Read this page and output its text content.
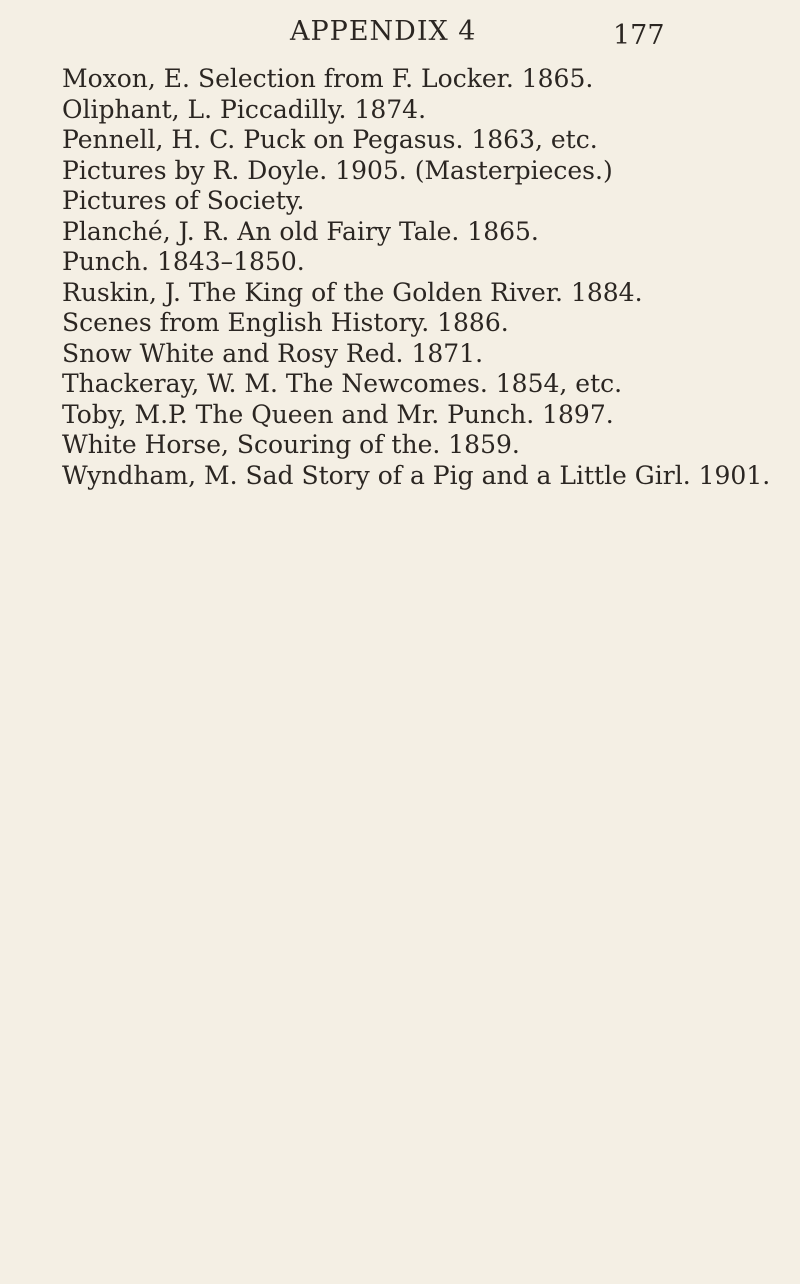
APPENDIX 4	177
Moxon, E. Selection from F. Locker. 1865.
Oliphant, L. Piccadilly. 1874.
Pennell, H. C. Puck on Pegasus. 1863, etc.
Pictures by R. Doyle. 1905. (Masterpieces.)
Pictures of Society.
Planché, J. R. An old Fairy Tale. 1865.
Punch. 1843–1850.
Ruskin, J. The King of the Golden River. 1884.
Scenes from English History. 1886.
Snow White and Rosy Red. 1871.
Thackeray, W. M. The Newcomes. 1854, etc.
Toby, M.P. The Queen and Mr. Punch. 1897.
White Horse, Scouring of the. 1859.
Wyndham, M. Sad Story of a Pig and a Little Girl. 1901.
